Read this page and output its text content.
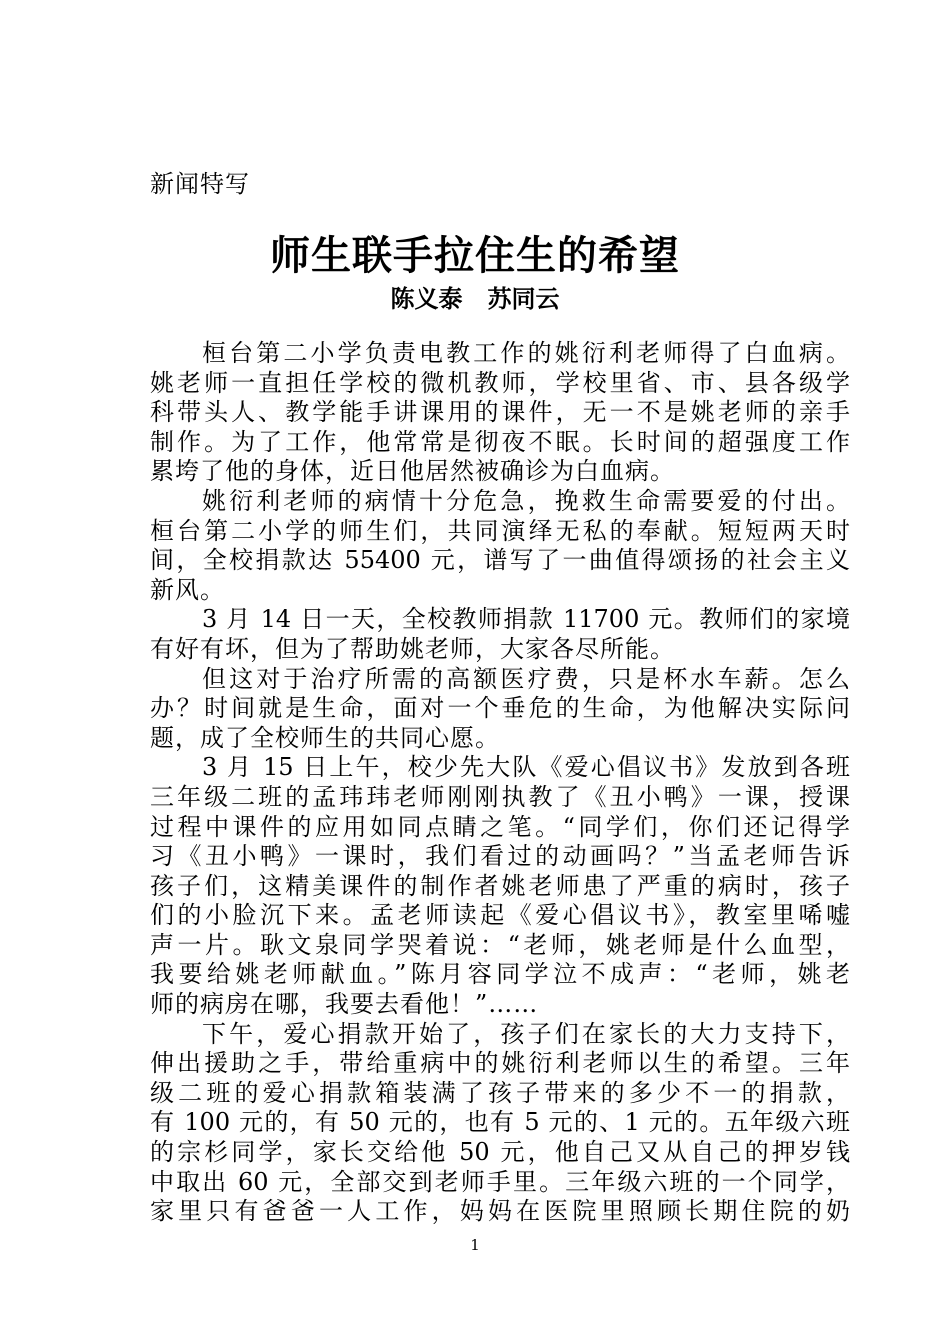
新闻特写
师生联手拉住生的希望
陈义泰   苏同云
桓台第二小学负责电教工作的姚衍利老师得了白血病。
姚老师一直担任学校的微机教师，学校里省、市、县各级学
科带头人、教学能手讲课用的课件，无一不是姚老师的亲手
制作。为了工作，他常常是彻夜不眠。长时间的超强度工作
累垮了他的身体，近日他居然被确诊为白血病。
姚衍利老师的病情十分危急，挽救生命需要爱的付出。
桓台第二小学的师生们，共同演绎无私的奉献。短短两天时
间，全校捐款达 55400 元，谱写了一曲值得颂扬的社会主义
新风。
3 月 14 日一天，全校教师捐款 11700 元。教师们的家境
有好有坏，但为了帮助姚老师，大家各尽所能。
但这对于治疗所需的高额医疗费，只是杯水车薪。怎么
办？时间就是生命，面对一个垂危的生命，为他解决实际问
题，成了全校师生的共同心愿。
3 月 15 日上午，校少先大队《爱心倡议书》发放到各班
三年级二班的孟玮玮老师刚刚执教了《丑小鸭》一课，授课
过程中课件的应用如同点睛之笔。“同学们，你们还记得学
习《丑小鸭》一课时，我们看过的动画吗？”当孟老师告诉
孩子们，这精美课件的制作者姚老师患了严重的病时，孩子
们的小脸沉下来。孟老师读起《爱心倡议书》，教室里唏嘘
声一片。耿文泉同学哭着说：“老师，姚老师是什么血型，
我要给姚老师献血。”陈月容同学泣不成声：“老师，姚老
师的病房在哪，我要去看他！”……
下午，爱心捐款开始了，孩子们在家长的大力支持下，
伸出援助之手，带给重病中的姚衍利老师以生的希望。三年
级二班的爱心捐款箱装满了孩子带来的多少不一的捐款，
有 100 元的，有 50 元的，也有 5 元的、1 元的。五年级六班
的宗杉同学，家长交给他 50 元，他自己又从自己的押岁钱
中取出 60 元，全部交到老师手里。三年级六班的一个同学，
家里只有爸爸一人工作，妈妈在医院里照顾长期住院的奶
1
